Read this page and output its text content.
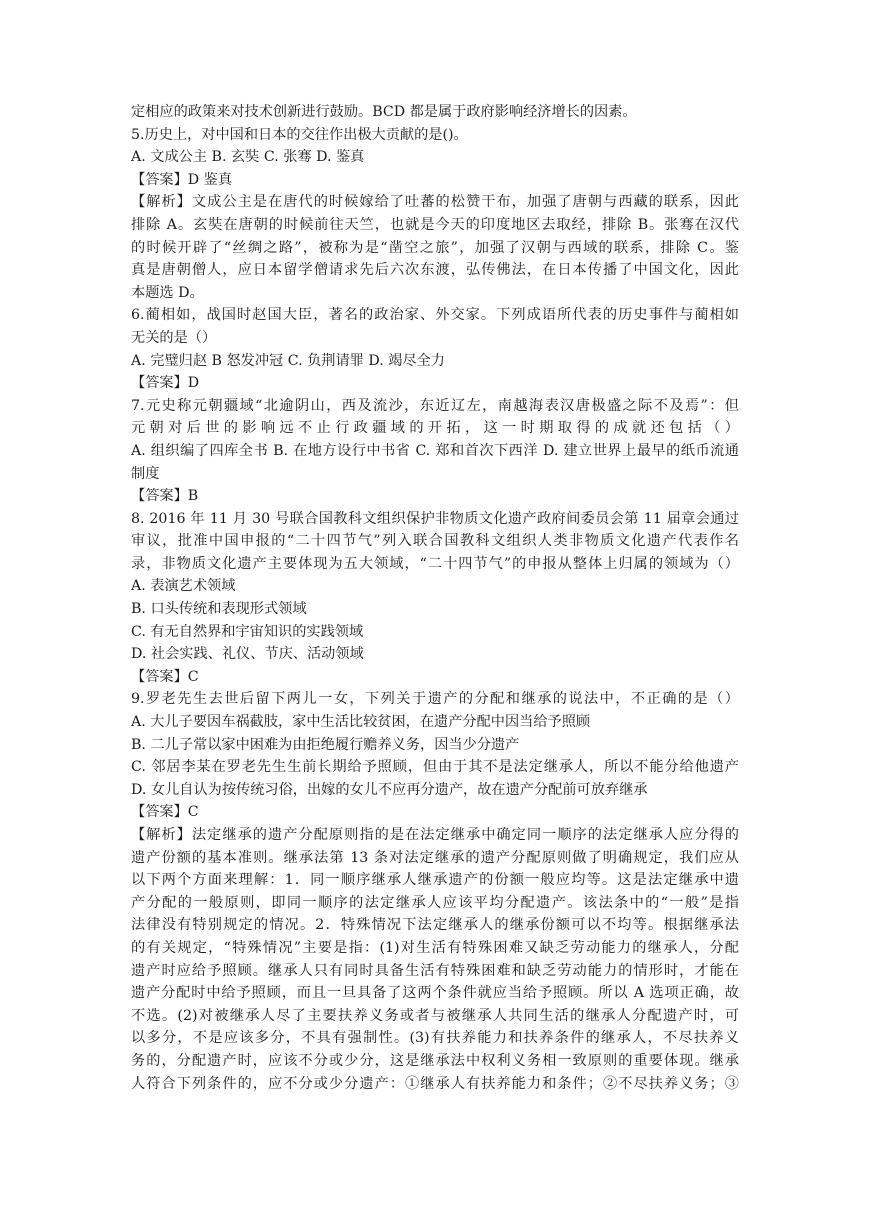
定相应的政策来对技术创新进行鼓励。BCD 都是属于政府影响经济增长的因素。
5.历史上，对中国和日本的交往作出极大贡献的是()。
A. 文成公主 B. 玄奘 C. 张骞 D. 鉴真
【答案】D 鉴真
【解析】文成公主是在唐代的时候嫁给了吐蕃的松赞干布，加强了唐朝与西藏的联系，因此
排除 A。玄奘在唐朝的时候前往天竺，也就是今天的印度地区去取经，排除 B。张骞在汉代
的时候开辟了“丝绸之路”，被称为是“凿空之旅”，加强了汉朝与西域的联系，排除 C。鉴
真是唐朝僧人，应日本留学僧请求先后六次东渡，弘传佛法，在日本传播了中国文化，因此
本题选 D。
6.蔺相如，战国时赵国大臣，著名的政治家、外交家。下列成语所代表的历史事件与蔺相如
无关的是（）
A. 完璧归赵 B 怒发冲冠 C. 负荆请罪 D. 竭尽全力
【答案】D
7.元史称元朝疆域“北逾阴山，西及流沙，东近辽左，南越海表汉唐极盛之际不及焉”：但
元朝对后世的影响远不止行政疆域的开拓，这一时期取得的成就还包括（）
A. 组织编了四库全书 B. 在地方设行中书省 C. 郑和首次下西洋 D. 建立世界上最早的纸币流通
制度
【答案】B
8. 2016 年 11 月 30 号联合国教科文组织保护非物质文化遗产政府间委员会第 11 届章会通过
审议，批准中国申报的“二十四节气”列入联合国教科文组织人类非物质文化遗产代表作名
录，非物质文化遗产主要体现为五大领域，“二十四节气”的申报从整体上归属的领域为（）
A. 表演艺术领域
B. 口头传统和表现形式领域
C. 有无自然界和宇宙知识的实践领域
D. 社会实践、礼仪、节庆、活动领域
【答案】C
9.罗老先生去世后留下两儿一女，下列关于遗产的分配和继承的说法中，不正确的是（）
A. 大儿子要因车祸截肢，家中生活比较贫困，在遗产分配中因当给予照顾
B. 二儿子常以家中困难为由拒绝履行赡养义务，因当少分遗产
C. 邻居李某在罗老先生生前长期给予照顾，但由于其不是法定继承人，所以不能分给他遗产
D. 女儿自认为按传统习俗，出嫁的女儿不应再分遗产，故在遗产分配前可放弃继承
【答案】C
【解析】法定继承的遗产分配原则指的是在法定继承中确定同一顺序的法定继承人应分得的
遗产份额的基本准则。继承法第 13 条对法定继承的遗产分配原则做了明确规定，我们应从
以下两个方面来理解：1．同一顺序继承人继承遗产的份额一般应均等。这是法定继承中遗
产分配的一般原则，即同一顺序的法定继承人应该平均分配遗产。该法条中的“一般”是指
法律没有特别规定的情况。2．特殊情况下法定继承人的继承份额可以不均等。根据继承法
的有关规定，“特殊情况”主要是指：(1)对生活有特殊困难又缺乏劳动能力的继承人，分配
遗产时应给予照顾。继承人只有同时具备生活有特殊困难和缺乏劳动能力的情形时，才能在
遗产分配时中给予照顾，而且一旦具备了这两个条件就应当给予照顾。所以 A 选项正确，故
不选。(2)对被继承人尽了主要扶养义务或者与被继承人共同生活的继承人分配遗产时，可
以多分，不是应该多分，不具有强制性。(3)有扶养能力和扶养条件的继承人，不尽扶养义
务的，分配遗产时，应该不分或少分，这是继承法中权利义务相一致原则的重要体现。继承
人符合下列条件的，应不分或少分遗产：①继承人有扶养能力和条件；②不尽扶养义务；③
